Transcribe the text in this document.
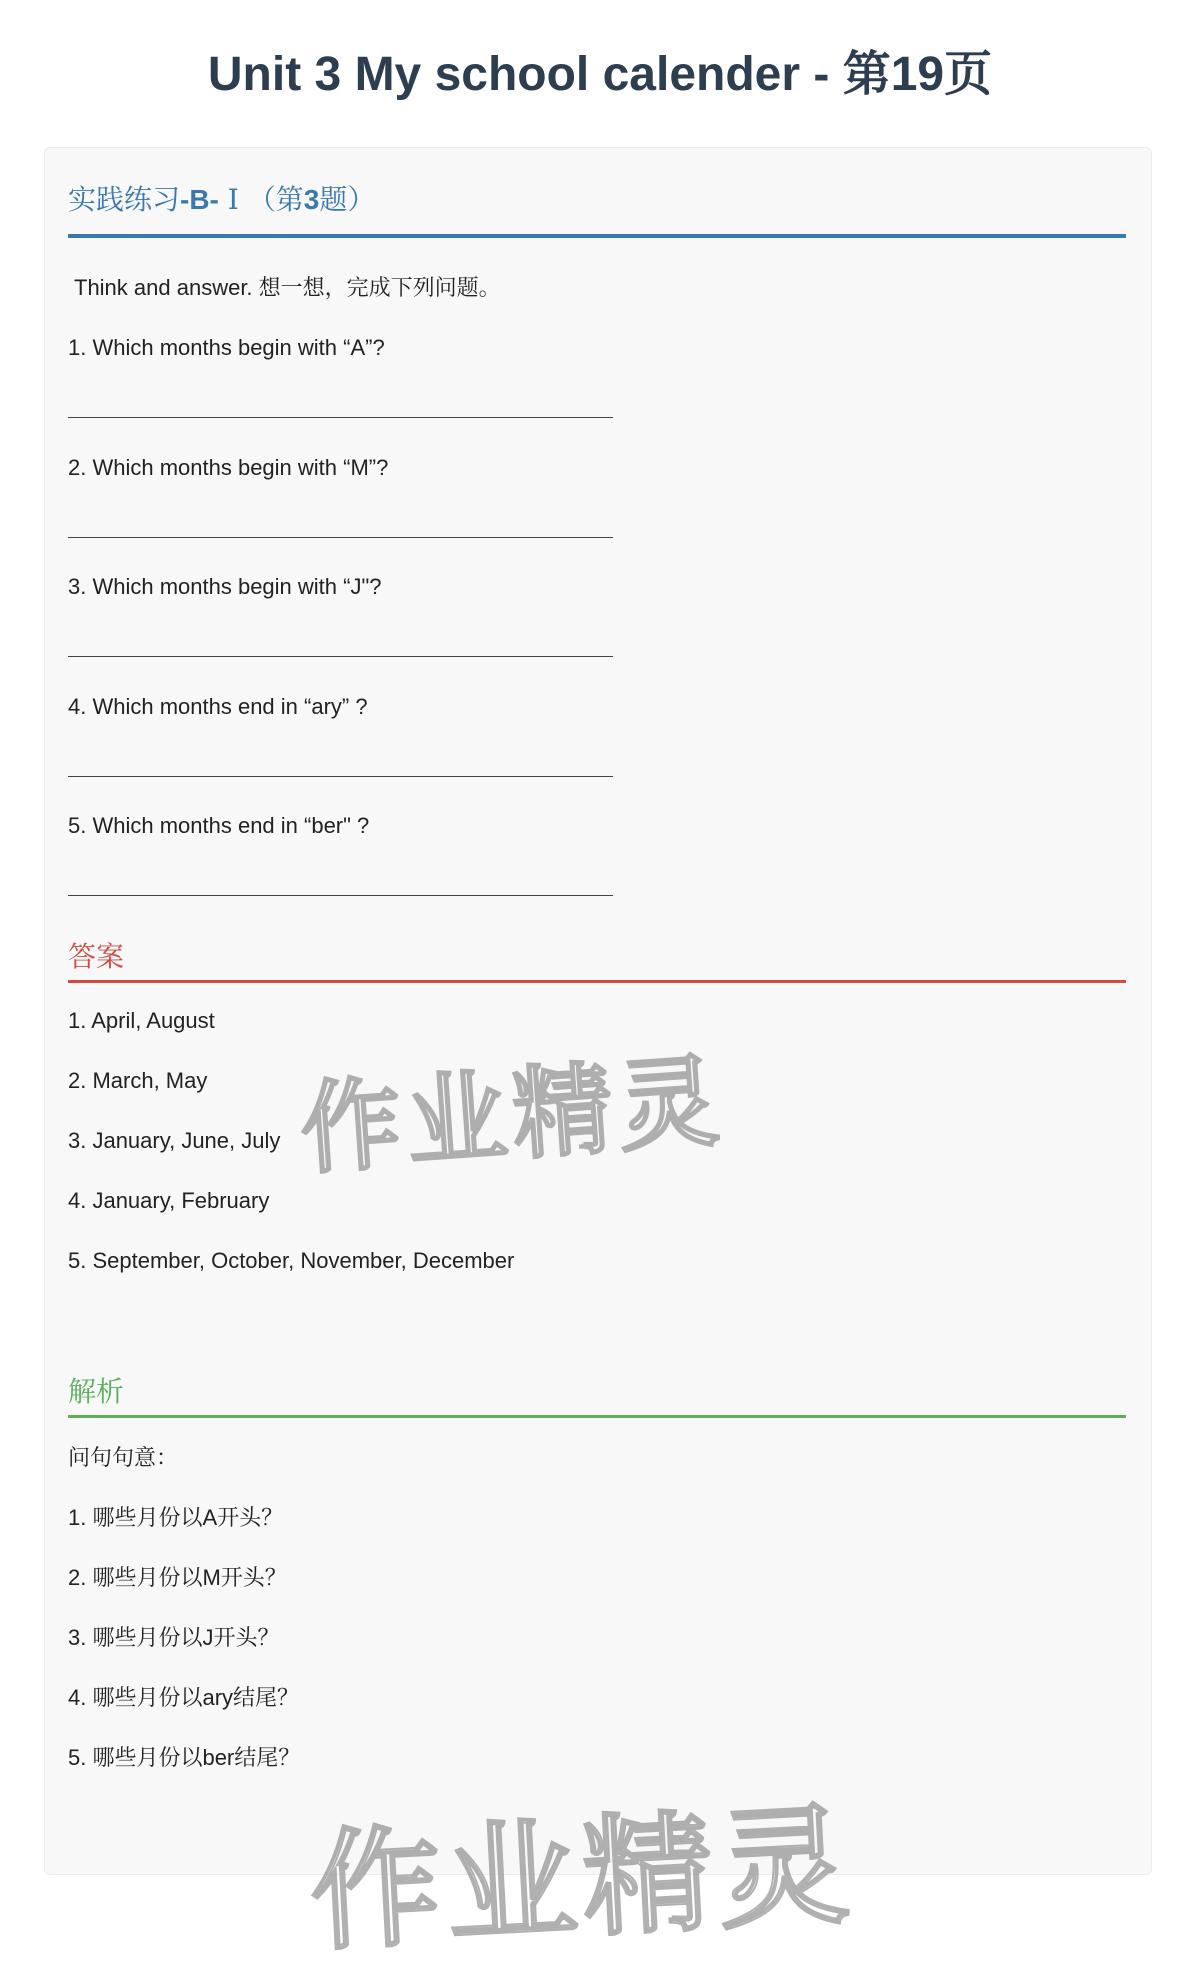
Unit 3 My school calender - 第19页
实践练习-B- Ⅰ （第3题）
Think and answer. 想一想，完成下列问题。
1. Which months begin with “A”?
2. Which months begin with “M”?
3. Which months begin with “J"?
4. Which months end in “ary” ?
5. Which months end in “ber" ?
答案
1. April, August
2. March, May
3. January, June, July
4. January, February
5. September, October, November, December
解析
问句句意：
1. 哪些月份以A开头？
2. 哪些月份以M开头？
3. 哪些月份以J开头？
4. 哪些月份以ary结尾？
5. 哪些月份以ber结尾？
作业精灵
